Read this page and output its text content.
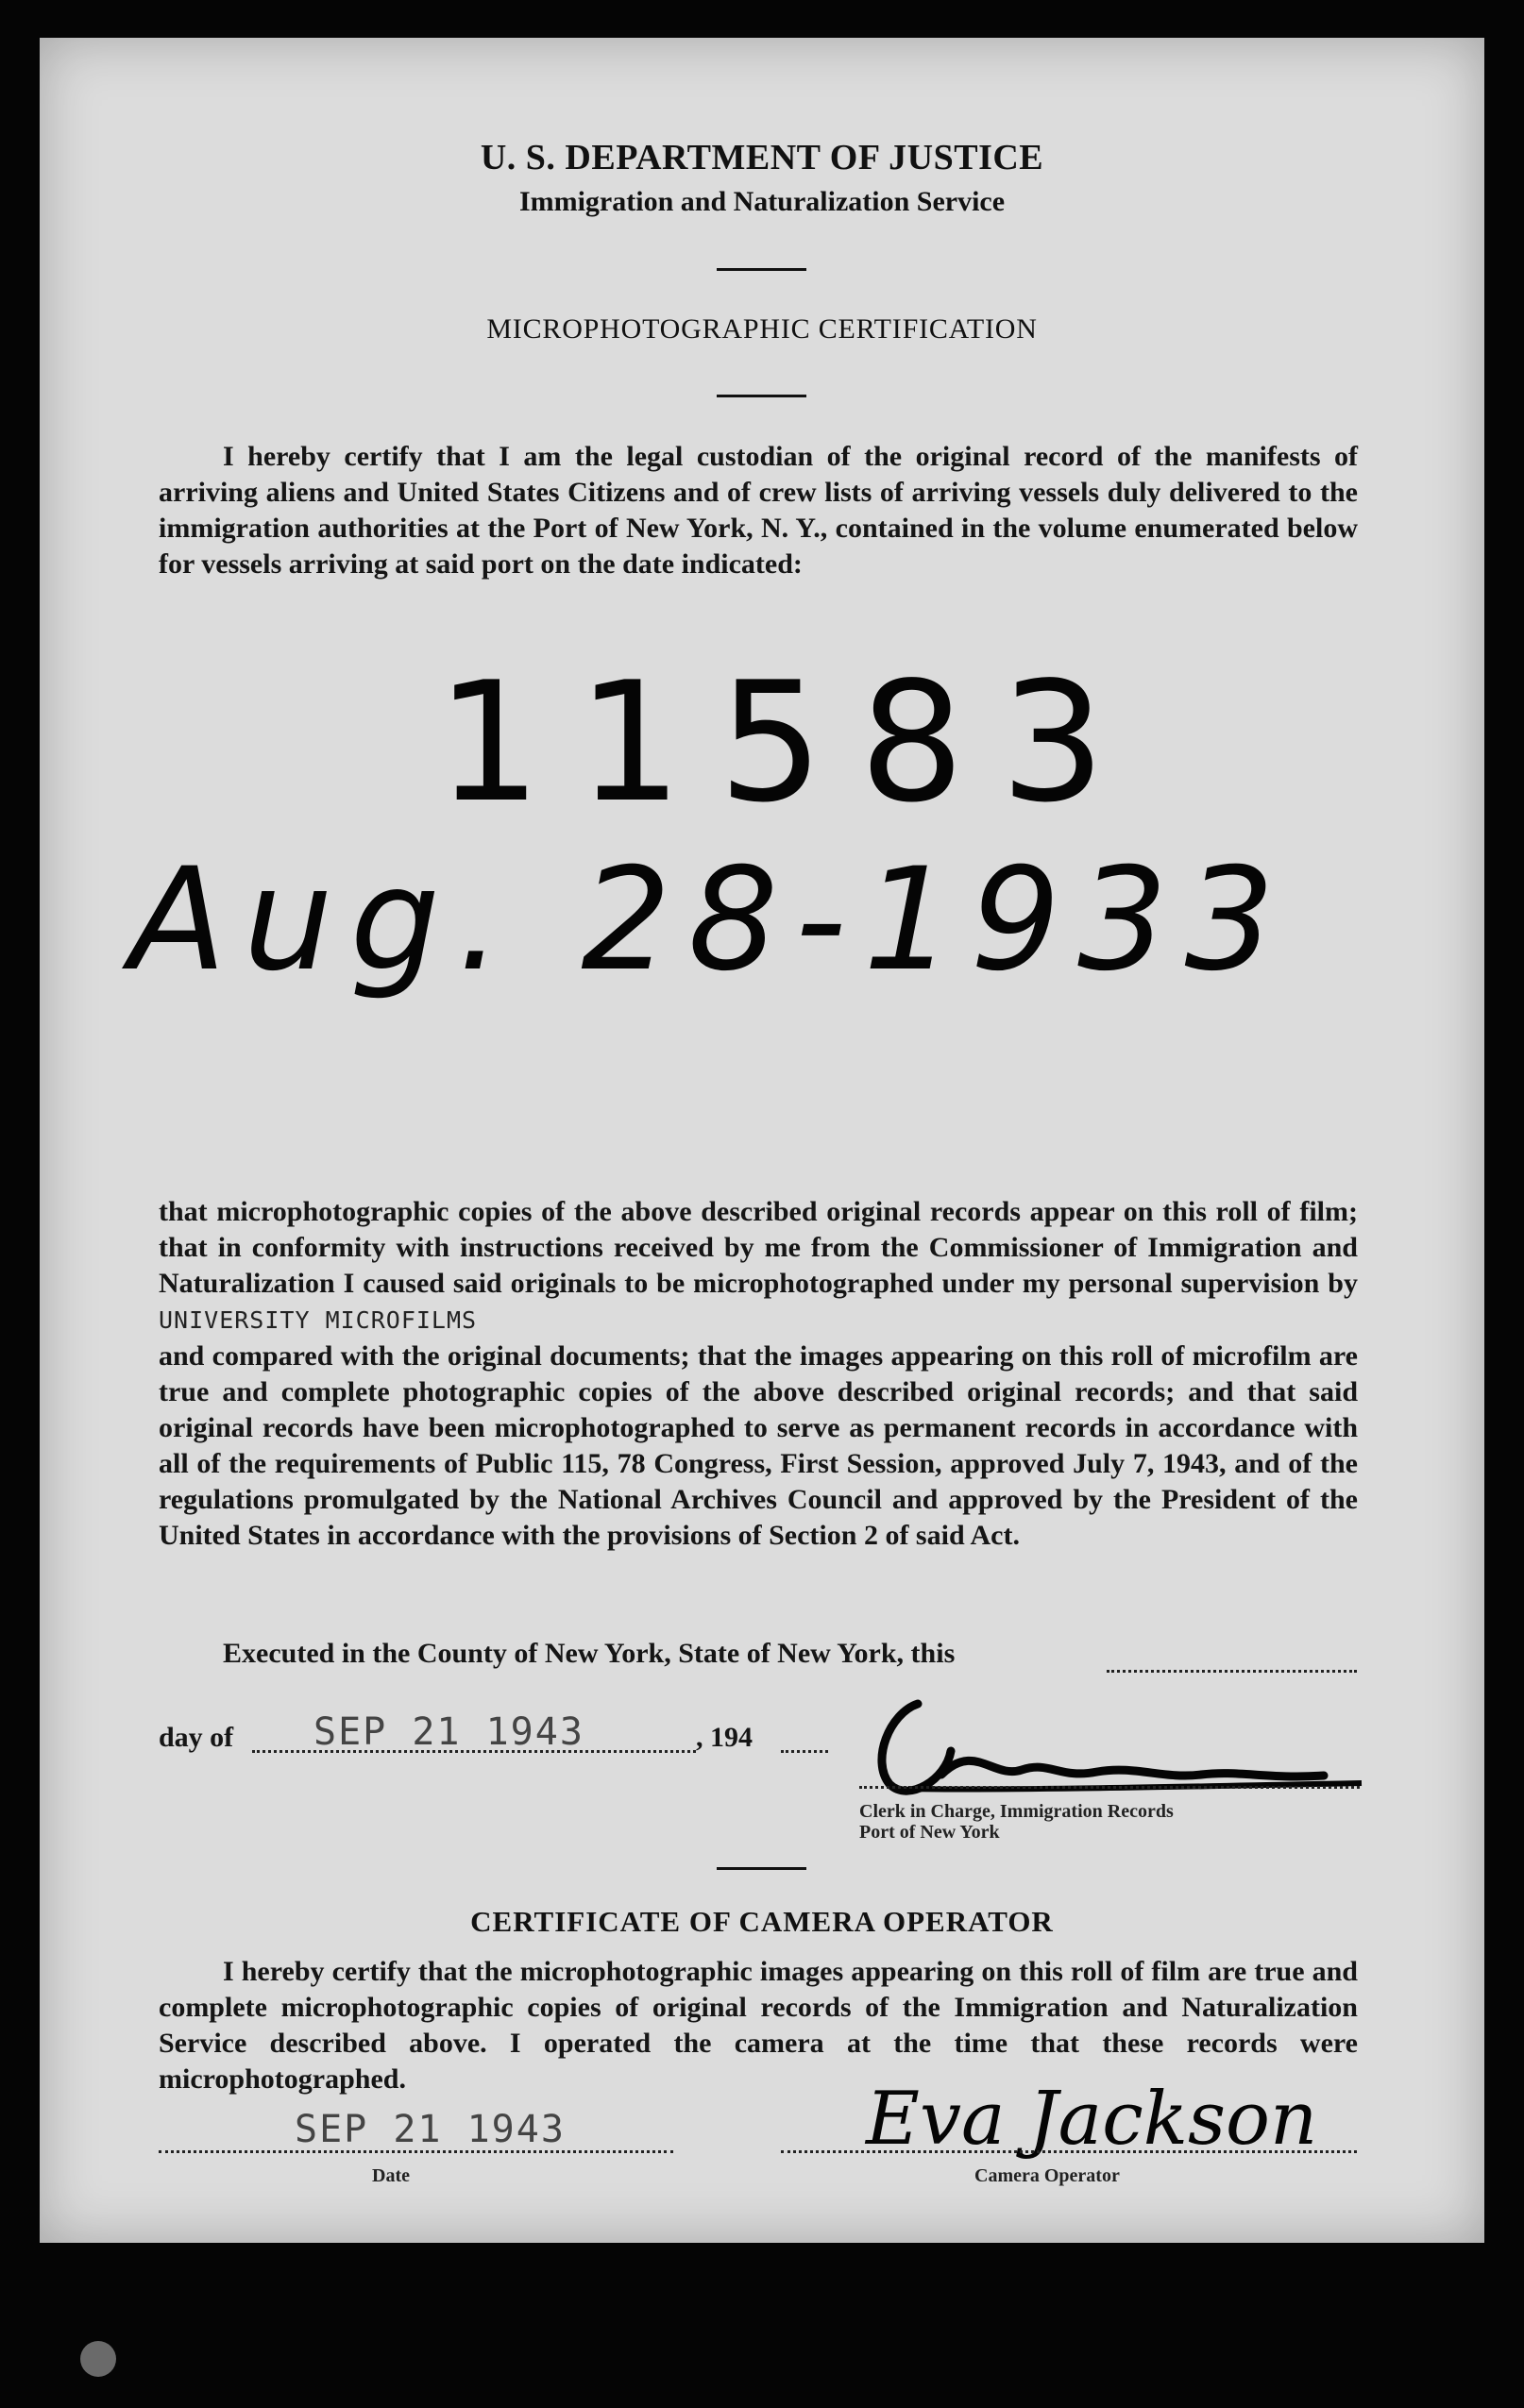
U. S. DEPARTMENT OF JUSTICE
Immigration and Naturalization Service
MICROPHOTOGRAPHIC CERTIFICATION

I hereby certify that I am the legal custodian of the original record of the manifests of arriving aliens and United States Citizens and of crew lists of arriving vessels duly delivered to the immigration authorities at the Port of New York, N. Y., contained in the volume enumerated below for vessels arriving at said port on the date indicated:

11583
Aug. 28-1933

that microphotographic copies of the above described original records appear on this roll of film; that in conformity with instructions received by me from the Commissioner of Immigration and Naturalization I caused said originals to be microphotographed under my personal supervision by UNIVERSITY MICROFILMS

and compared with the original documents; that the images appearing on this roll of microfilm are true and complete photographic copies of the above described original records; and that said original records have been microphotographed to serve as permanent records in accordance with all of the requirements of Public 115, 78 Congress, First Session, approved July 7, 1943, and of the regulations promulgated by the National Archives Council and approved by the President of the United States in accordance with the provisions of Section 2 of said Act.

Executed in the County of New York, State of New York, this

day of SEP 21 1943	, 194
Clerk in Charge, Immigration Records
Port of New York
CERTIFICATE OF CAMERA OPERATOR

I hereby certify that the microphotographic images appearing on this roll of film are true and complete microphotographic copies of original records of the Immigration and Naturalization Service described above. I operated the camera at the time that these records were microphotographed.

SEP 21 1943
Date
Eva Jackson
Camera Operator
